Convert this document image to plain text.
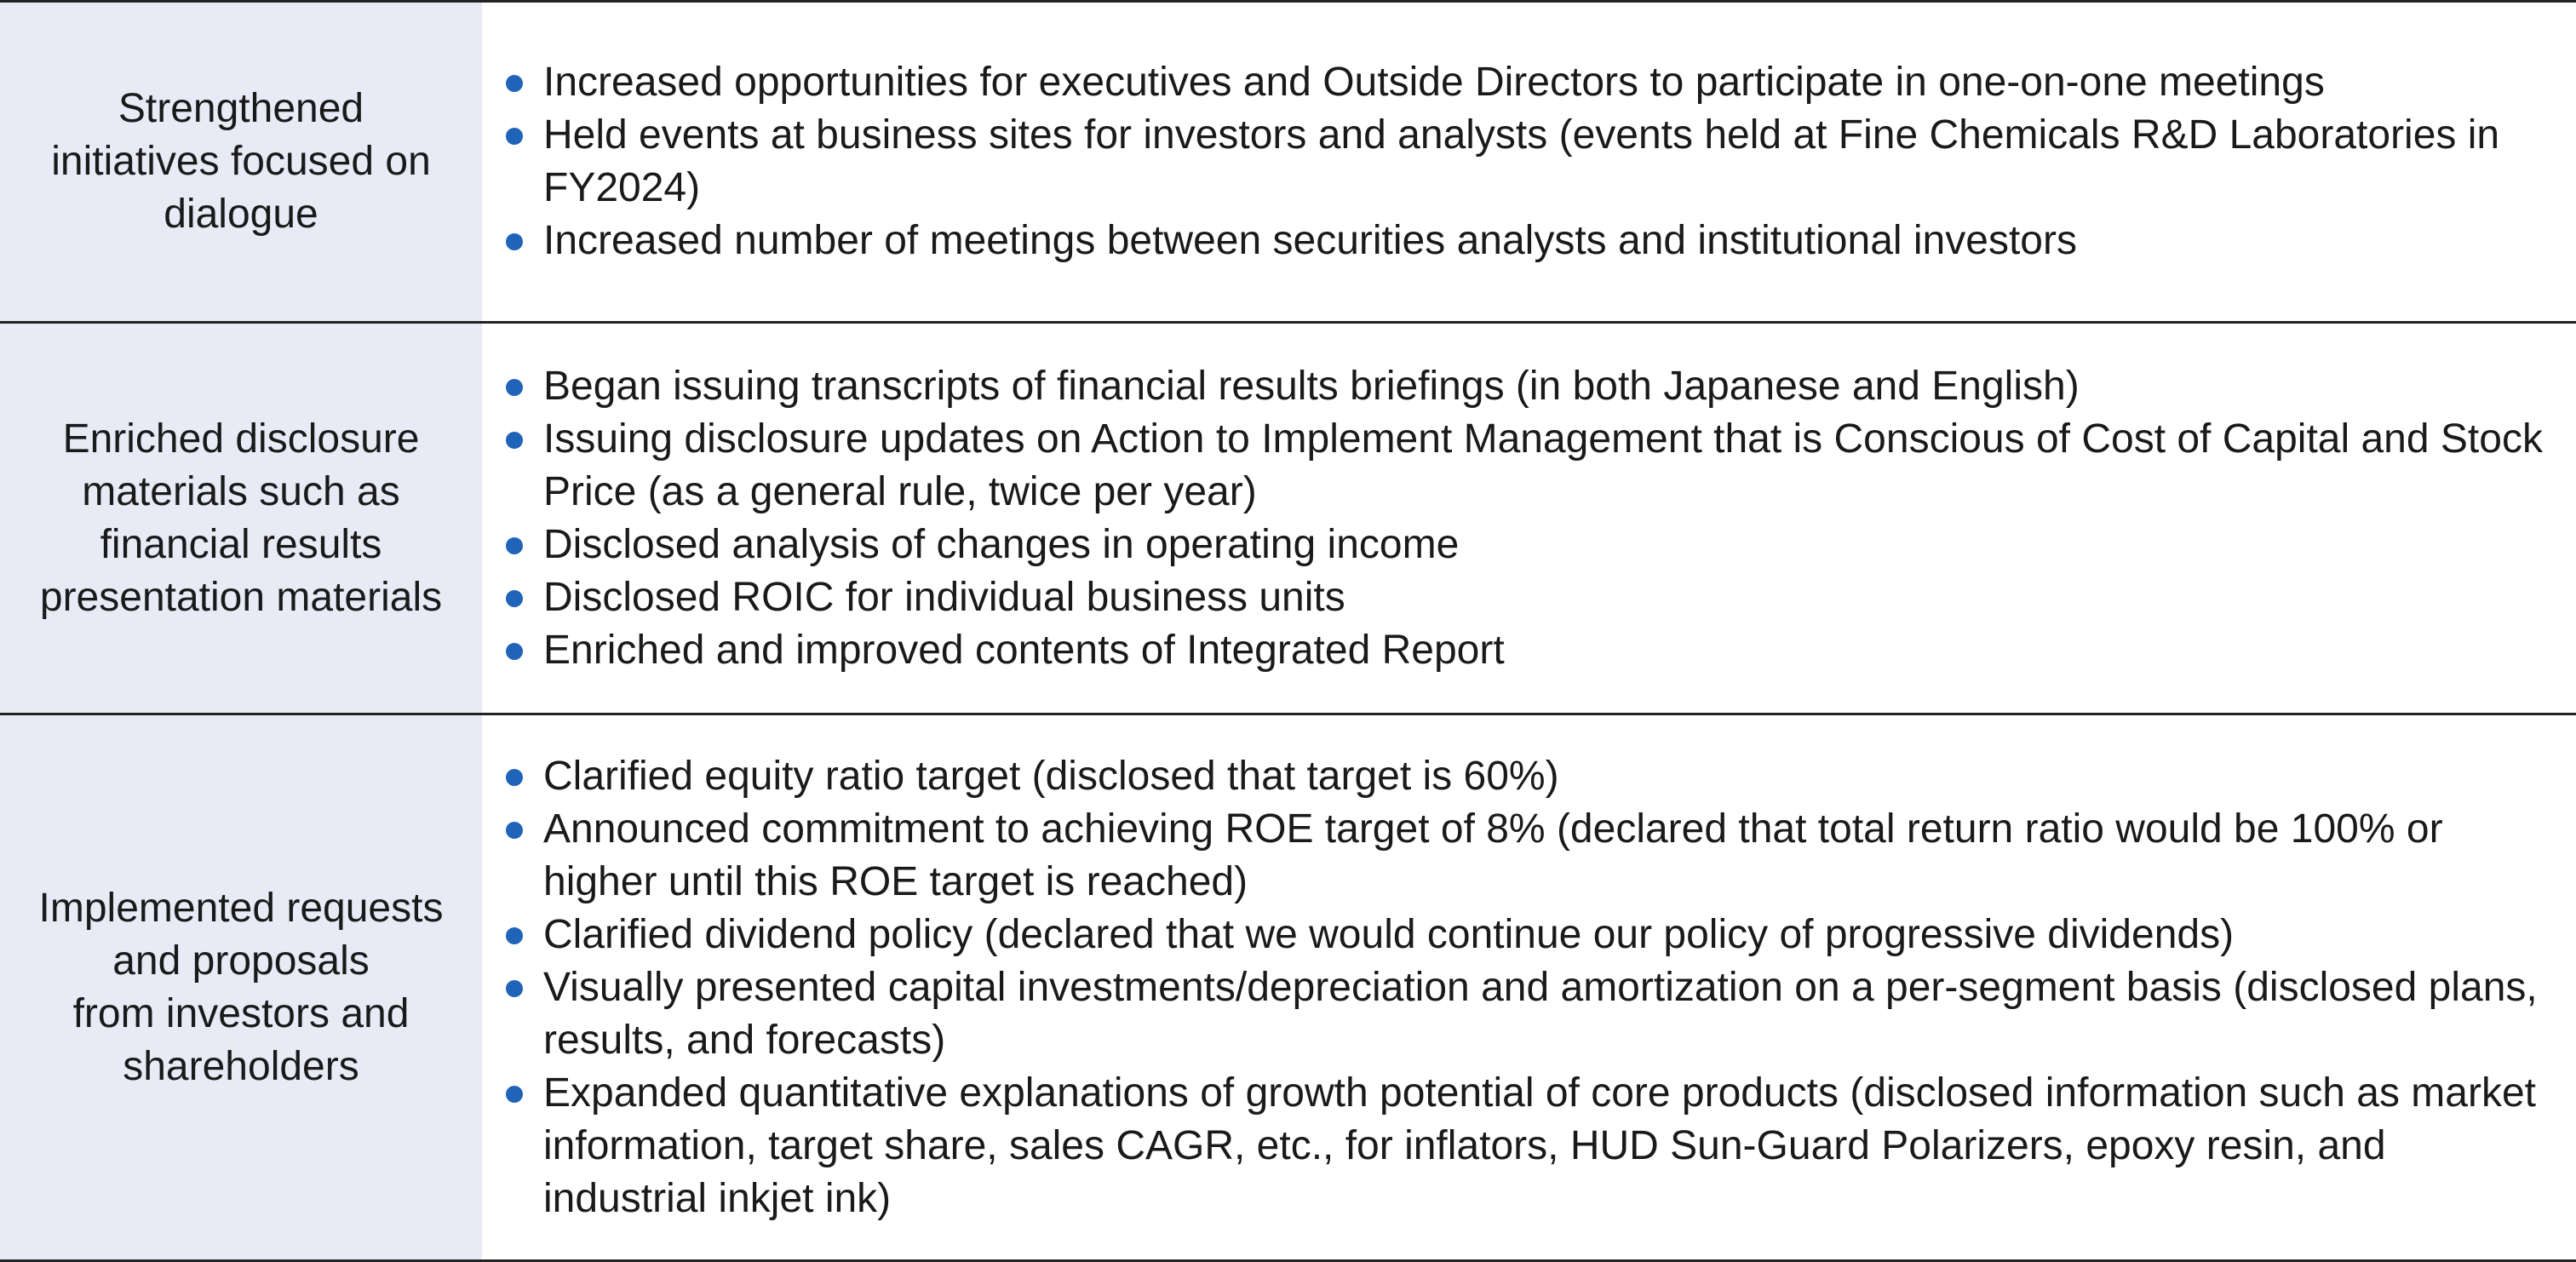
Strengthened
initiatives focused on
dialogue
Increased opportunities for executives and Outside Directors to participate in one-on-one meetings
Held events at business sites for investors and analysts (events held at Fine Chemicals R&D Laboratories in FY2024)
Increased number of meetings between securities analysts and institutional investors
Enriched disclosure
materials such as
financial results
presentation materials
Began issuing transcripts of financial results briefings (in both Japanese and English)
Issuing disclosure updates on Action to Implement Management that is Conscious of Cost of Capital and Stock Price (as a general rule, twice per year)
Disclosed analysis of changes in operating income
Disclosed ROIC for individual business units
Enriched and improved contents of Integrated Report
Implemented requests
and proposals
from investors and
shareholders
Clarified equity ratio target (disclosed that target is 60%)
Announced commitment to achieving ROE target of 8% (declared that total return ratio would be 100% or higher until this ROE target is reached)
Clarified dividend policy (declared that we would continue our policy of progressive dividends)
Visually presented capital investments/depreciation and amortization on a per-segment basis (disclosed plans, results, and forecasts)
Expanded quantitative explanations of growth potential of core products (disclosed information such as market information, target share, sales CAGR, etc., for inflators, HUD Sun-Guard Polarizers, epoxy resin, and industrial inkjet ink)
